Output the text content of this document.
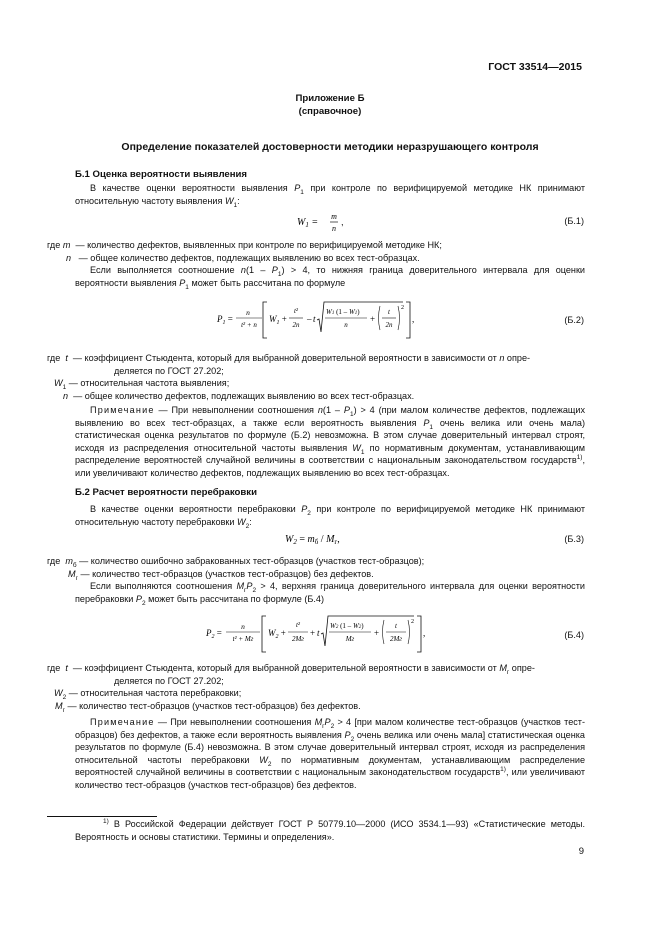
ГОСТ 33514—2015
Приложение Б
(справочное)
Определение показателей достоверности методики неразрушающего контроля
Б.1 Оценка вероятности выявления
В качестве оценки вероятности выявления $P_1$ при контроле по верифицируемой методике НК принимают относительную частоту выявления $W_1$:
$W_1$ =
m
n
,	(Б.1)
где m  — количество дефектов, выявленных при контроле по верифицируемой методике НК;
n   — общее количество дефектов, подлежащих выявлению во всех тест-образцах.
Если выполняется соотношение $n(1 - P_1) > 4$, то нижняя граница доверительного интервала для оценки вероятности выявления $P_1$ может быть рассчитана по формуле
$P_1$ =
n
t² + n
$W_1$ +
t²
2n
– t
W1 (1 – W1)
n
+
t
2n
2
,	(Б.2)
где  t  — коэффициент Стьюдента, который для выбранной доверительной вероятности в зависимости от n опре-
деляется по ГОСТ 27.202;
$W_1$ — относительная частота выявления;
n  — общее количество дефектов, подлежащих выявлению во всех тест-образцах.
Примечание — При невыполнении соотношения $n(1 - P_1) > 4$ (при малом количестве дефектов, подлежащих выявлению во всех тест-образцах, а также если вероятность выявления $P_1$ очень велика или очень мала) статистическая оценка результатов по формуле (Б.2) невозможна. В этом случае доверительный интервал строят, исходя из распределения относительной частоты выявления $W_1$ по нормативным документам, устанавливающим распределение вероятностей случайной величины в соответствии с национальным законодательством государств$^{1)}$, или увеличивают количество дефектов, подлежащих выявлению во всех тест-образцах.
Б.2 Расчет вероятности перебраковки
В качестве оценки вероятности перебраковки $P_2$ при контроле по верифицируемой методике НК принимают относительную частоту перебраковки $W_2$:
$W_2 = m_б / M_г$,	(Б.3)
где  $m_б$ — количество ошибочно забракованных тест-образцов (участков тест-образцов);
$M_г$ — количество тест-образцов (участков тест-образцов) без дефектов.
Если выполняются соотношения $M_гP_2 > 4$, верхняя граница доверительного интервала для оценки вероятности перебраковки $P_2$ может быть рассчитана по формуле (Б.4)
$P_2$ =
n
t² + Mг
$W_2$ +
t²
2Mг
+ t
W2 (1 – W2)
Mг
+
t
2Mг
2
,	(Б.4)
где  t  — коэффициент Стьюдента, который для выбранной доверительной вероятности в зависимости от $M_г$ опре-
деляется по ГОСТ 27.202;
$W_2$ — относительная частота перебраковки;
$M_г$ — количество тест-образцов (участков тест-образцов) без дефектов.
Примечание — При невыполнении соотношения $M_гP_2 > 4$ [при малом количестве тест-образцов (участков тест-образцов) без дефектов, а также если вероятность выявления $P_2$ очень велика или очень мала] статистическая оценка результатов по формуле (Б.4) невозможна. В этом случае доверительный интервал строят, исходя из распределения относительной частоты перебраковки $W_2$ по нормативным документам, устанавливающим распределение вероятностей случайной величины в соответствии с национальным законодательством государств$^{1)}$, или увеличивают количество тест-образцов (участков тест-образцов) без дефектов.
$^{1)}$ В Российской Федерации действует ГОСТ Р 50779.10—2000 (ИСО 3534.1—93) «Статистические методы. Вероятность и основы статистики. Термины и определения».
9
